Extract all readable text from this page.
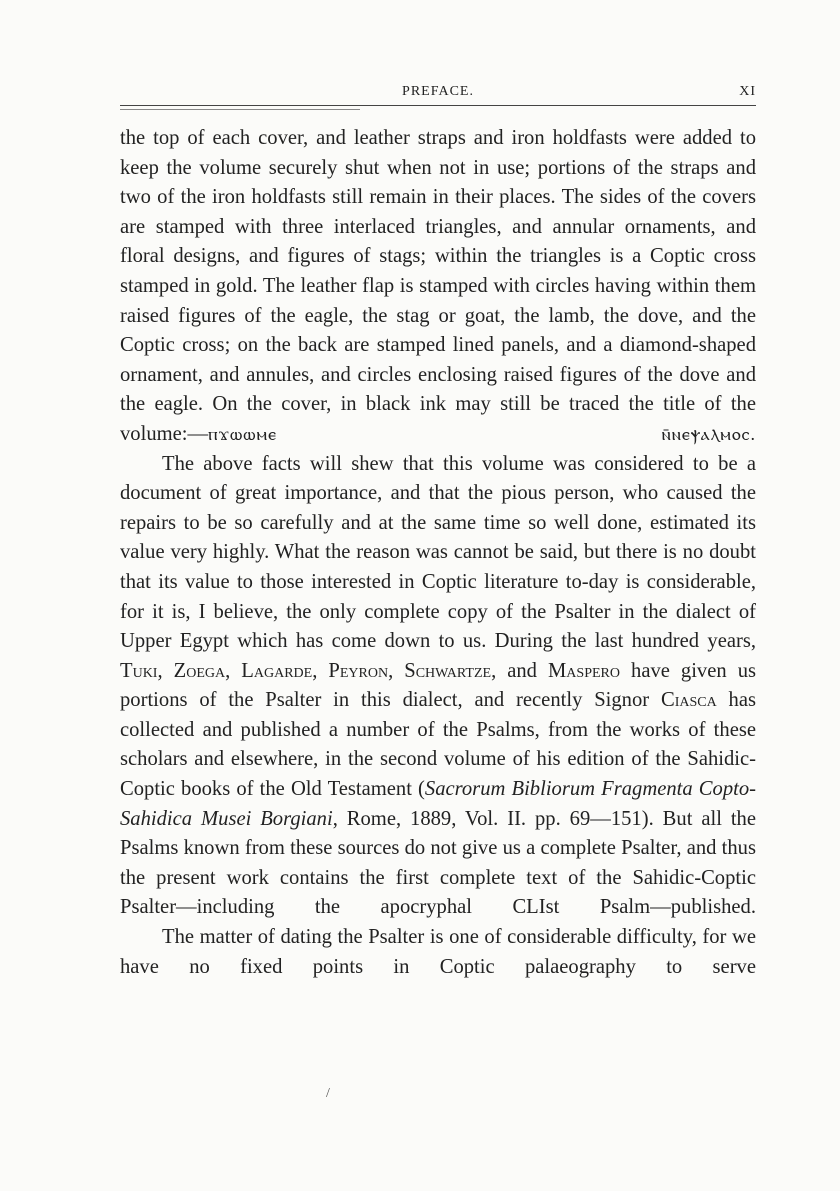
PREFACE.	XI

the top of each cover, and leather straps and iron holdfasts were added to keep the volume securely shut when not in use; portions of the straps and two of the iron holdfasts still remain in their places. The sides of the covers are stamped with three interlaced triangles, and annular ornaments, and floral designs, and figures of stags; within the triangles is a Coptic cross stamped in gold. The leather flap is stamped with circles having within them raised figures of the eagle, the stag or goat, the lamb, the dove, and the Coptic cross; on the back are stamped lined panels, and a diamond-shaped ornament, and annules, and circles enclosing raised figures of the dove and the eagle. On the cover, in black ink may still be traced the title of the volume:—ⲡϫⲱⲱⲙⲉ ⲛ̄ⲛⲉⲯⲁⲗⲙⲟⲥ.

The above facts will shew that this volume was considered to be a document of great importance, and that the pious person, who caused the repairs to be so carefully and at the same time so well done, estimated its value very highly. What the reason was cannot be said, but there is no doubt that its value to those interested in Coptic literature to-day is considerable, for it is, I believe, the only complete copy of the Psalter in the dialect of Upper Egypt which has come down to us. During the last hundred years, Tuki, Zoega, Lagarde, Peyron, Schwartze, and Maspero have given us portions of the Psalter in this dialect, and recently Signor Ciasca has collected and published a number of the Psalms, from the works of these scholars and elsewhere, in the second volume of his edition of the Sahidic-Coptic books of the Old Testament (Sacrorum Bibliorum Fragmenta Copto-Sahidica Musei Borgiani, Rome, 1889, Vol. II. pp. 69—151). But all the Psalms known from these sources do not give us a complete Psalter, and thus the present work contains the first complete text of the Sahidic-Coptic Psalter—including the apocryphal CLIst Psalm—published.

The matter of dating the Psalter is one of considerable difficulty, for we have no fixed points in Coptic palaeography to serve

/
